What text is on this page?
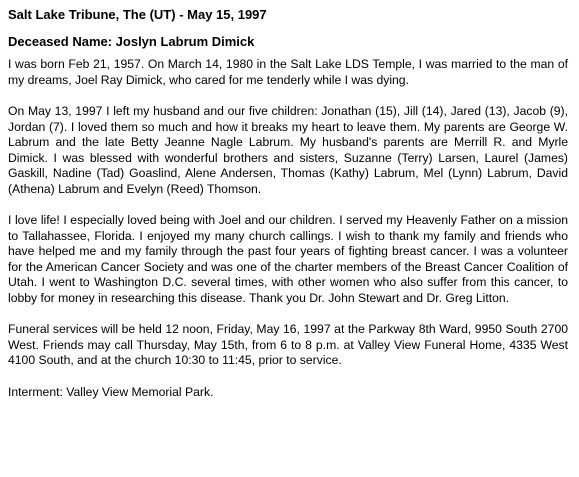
Salt Lake Tribune, The (UT) - May 15, 1997
Deceased Name: Joslyn Labrum Dimick

I was born Feb 21, 1957. On March 14, 1980 in the Salt Lake LDS Temple, I was married to the man of my dreams, Joel Ray Dimick, who cared for me tenderly while I was dying.

On May 13, 1997 I left my husband and our five children: Jonathan (15), Jill (14), Jared (13), Jacob (9), Jordan (7). I loved them so much and how it breaks my heart to leave them. My parents are George W. Labrum and the late Betty Jeanne Nagle Labrum. My husband's parents are Merrill R. and Myrle Dimick. I was blessed with wonderful brothers and sisters, Suzanne (Terry) Larsen, Laurel (James) Gaskill, Nadine (Tad) Goaslind, Alene Andersen, Thomas (Kathy) Labrum, Mel (Lynn) Labrum, David (Athena) Labrum and Evelyn (Reed) Thomson.

I love life! I especially loved being with Joel and our children. I served my Heavenly Father on a mission to Tallahassee, Florida. I enjoyed my many church callings. I wish to thank my family and friends who have helped me and my family through the past four years of fighting breast cancer. I was a volunteer for the American Cancer Society and was one of the charter members of the Breast Cancer Coalition of Utah. I went to Washington D.C. several times, with other women who also suffer from this cancer, to lobby for money in researching this disease. Thank you Dr. John Stewart and Dr. Greg Litton.

Funeral services will be held 12 noon, Friday, May 16, 1997 at the Parkway 8th Ward, 9950 South 2700 West. Friends may call Thursday, May 15th, from 6 to 8 p.m. at Valley View Funeral Home, 4335 West 4100 South, and at the church 10:30 to 11:45, prior to service.

Interment: Valley View Memorial Park.
